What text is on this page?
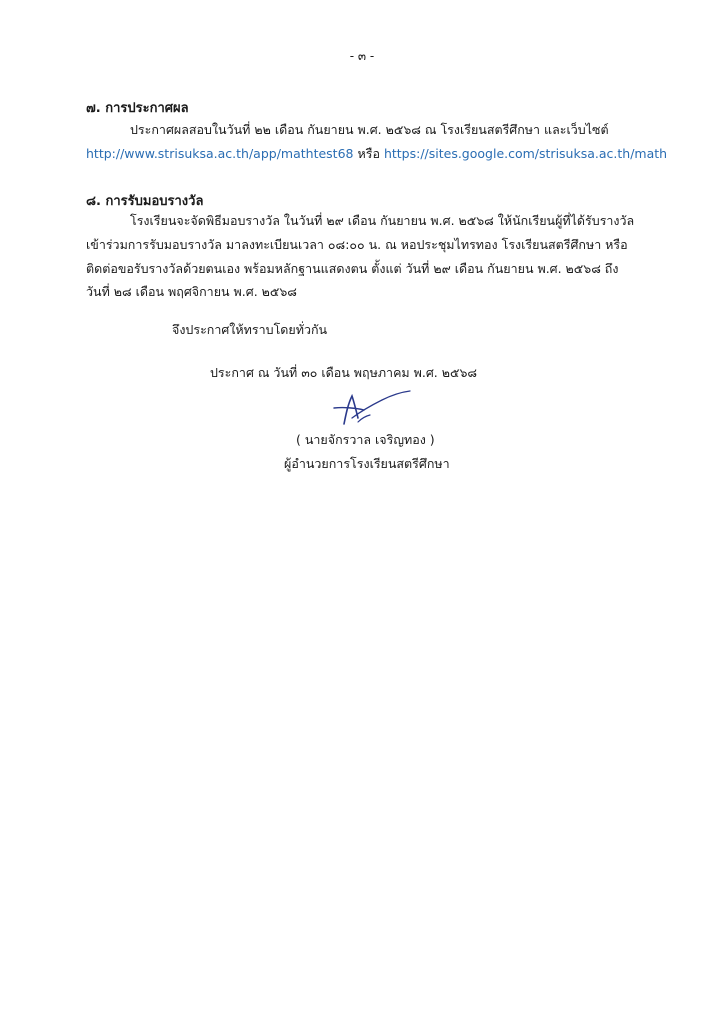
- ๓ -
๗. การประกาศผล
ประกาศผลสอบในวันที่ ๒๒ เดือน กันยายน พ.ศ. ๒๕๖๘ ณ โรงเรียนสตรีศึกษา และเว็บไซต์
http://www.strisuksa.ac.th/app/mathtest68 หรือ https://sites.google.com/strisuksa.ac.th/math
๘. การรับมอบรางวัล
โรงเรียนจะจัดพิธีมอบรางวัล ในวันที่ ๒๙ เดือน กันยายน พ.ศ. ๒๕๖๘ ให้นักเรียนผู้ที่ได้รับรางวัล
เข้าร่วมการรับมอบรางวัล มาลงทะเบียนเวลา ๐๘:๐๐ น. ณ หอประชุมไทรทอง โรงเรียนสตรีศึกษา หรือ
ติดต่อขอรับรางวัลด้วยตนเอง พร้อมหลักฐานแสดงตน ตั้งแต่ วันที่ ๒๙ เดือน กันยายน พ.ศ. ๒๕๖๘ ถึง
วันที่ ๒๘ เดือน พฤศจิกายน พ.ศ. ๒๕๖๘
จึงประกาศให้ทราบโดยทั่วกัน
ประกาศ ณ วันที่ ๓๐ เดือน พฤษภาคม พ.ศ. ๒๕๖๘
( นายจักรวาล เจริญทอง )
ผู้อำนวยการโรงเรียนสตรีศึกษา
